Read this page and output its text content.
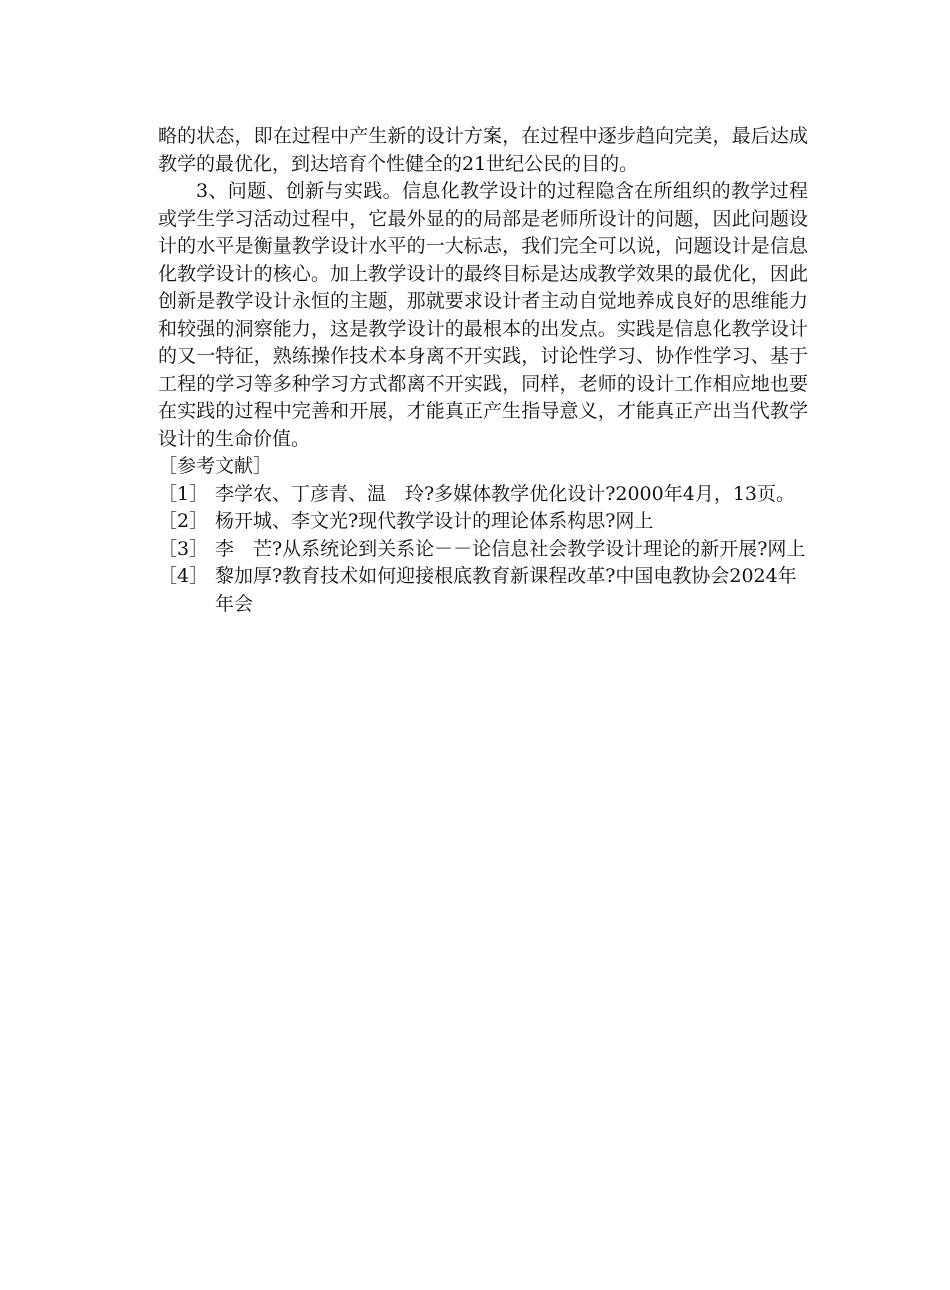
略的状态，即在过程中产生新的设计方案，在过程中逐步趋向完美，最后达成教学的最优化，到达培育个性健全的21世纪公民的目的。

3、问题、创新与实践。信息化教学设计的过程隐含在所组织的教学过程或学生学习活动过程中，它最外显的的局部是老师所设计的问题，因此问题设计的水平是衡量教学设计水平的一大标志，我们完全可以说，问题设计是信息化教学设计的核心。加上教学设计的最终目标是达成教学效果的最优化，因此创新是教学设计永恒的主题，那就要求设计者主动自觉地养成良好的思维能力和较强的洞察能力，这是教学设计的最根本的出发点。实践是信息化教学设计的又一特征，熟练操作技术本身离不开实践，讨论性学习、协作性学习、基于工程的学习等多种学习方式都离不开实践，同样，老师的设计工作相应地也要在实践的过程中完善和开展，才能真正产生指导意义，才能真正产出当代教学设计的生命价值。

［参考文献］

［1］ 李学农、丁彦青、温　玲?多媒体教学优化设计?2000年4月，13页。
［2］ 杨开城、李文光?现代教学设计的理论体系构思?网上
［3］ 李　芒?从系统论到关系论－－论信息社会教学设计理论的新开展?网上
［4］ 黎加厚?教育技术如何迎接根底教育新课程改革?中国电教协会2024年年会
